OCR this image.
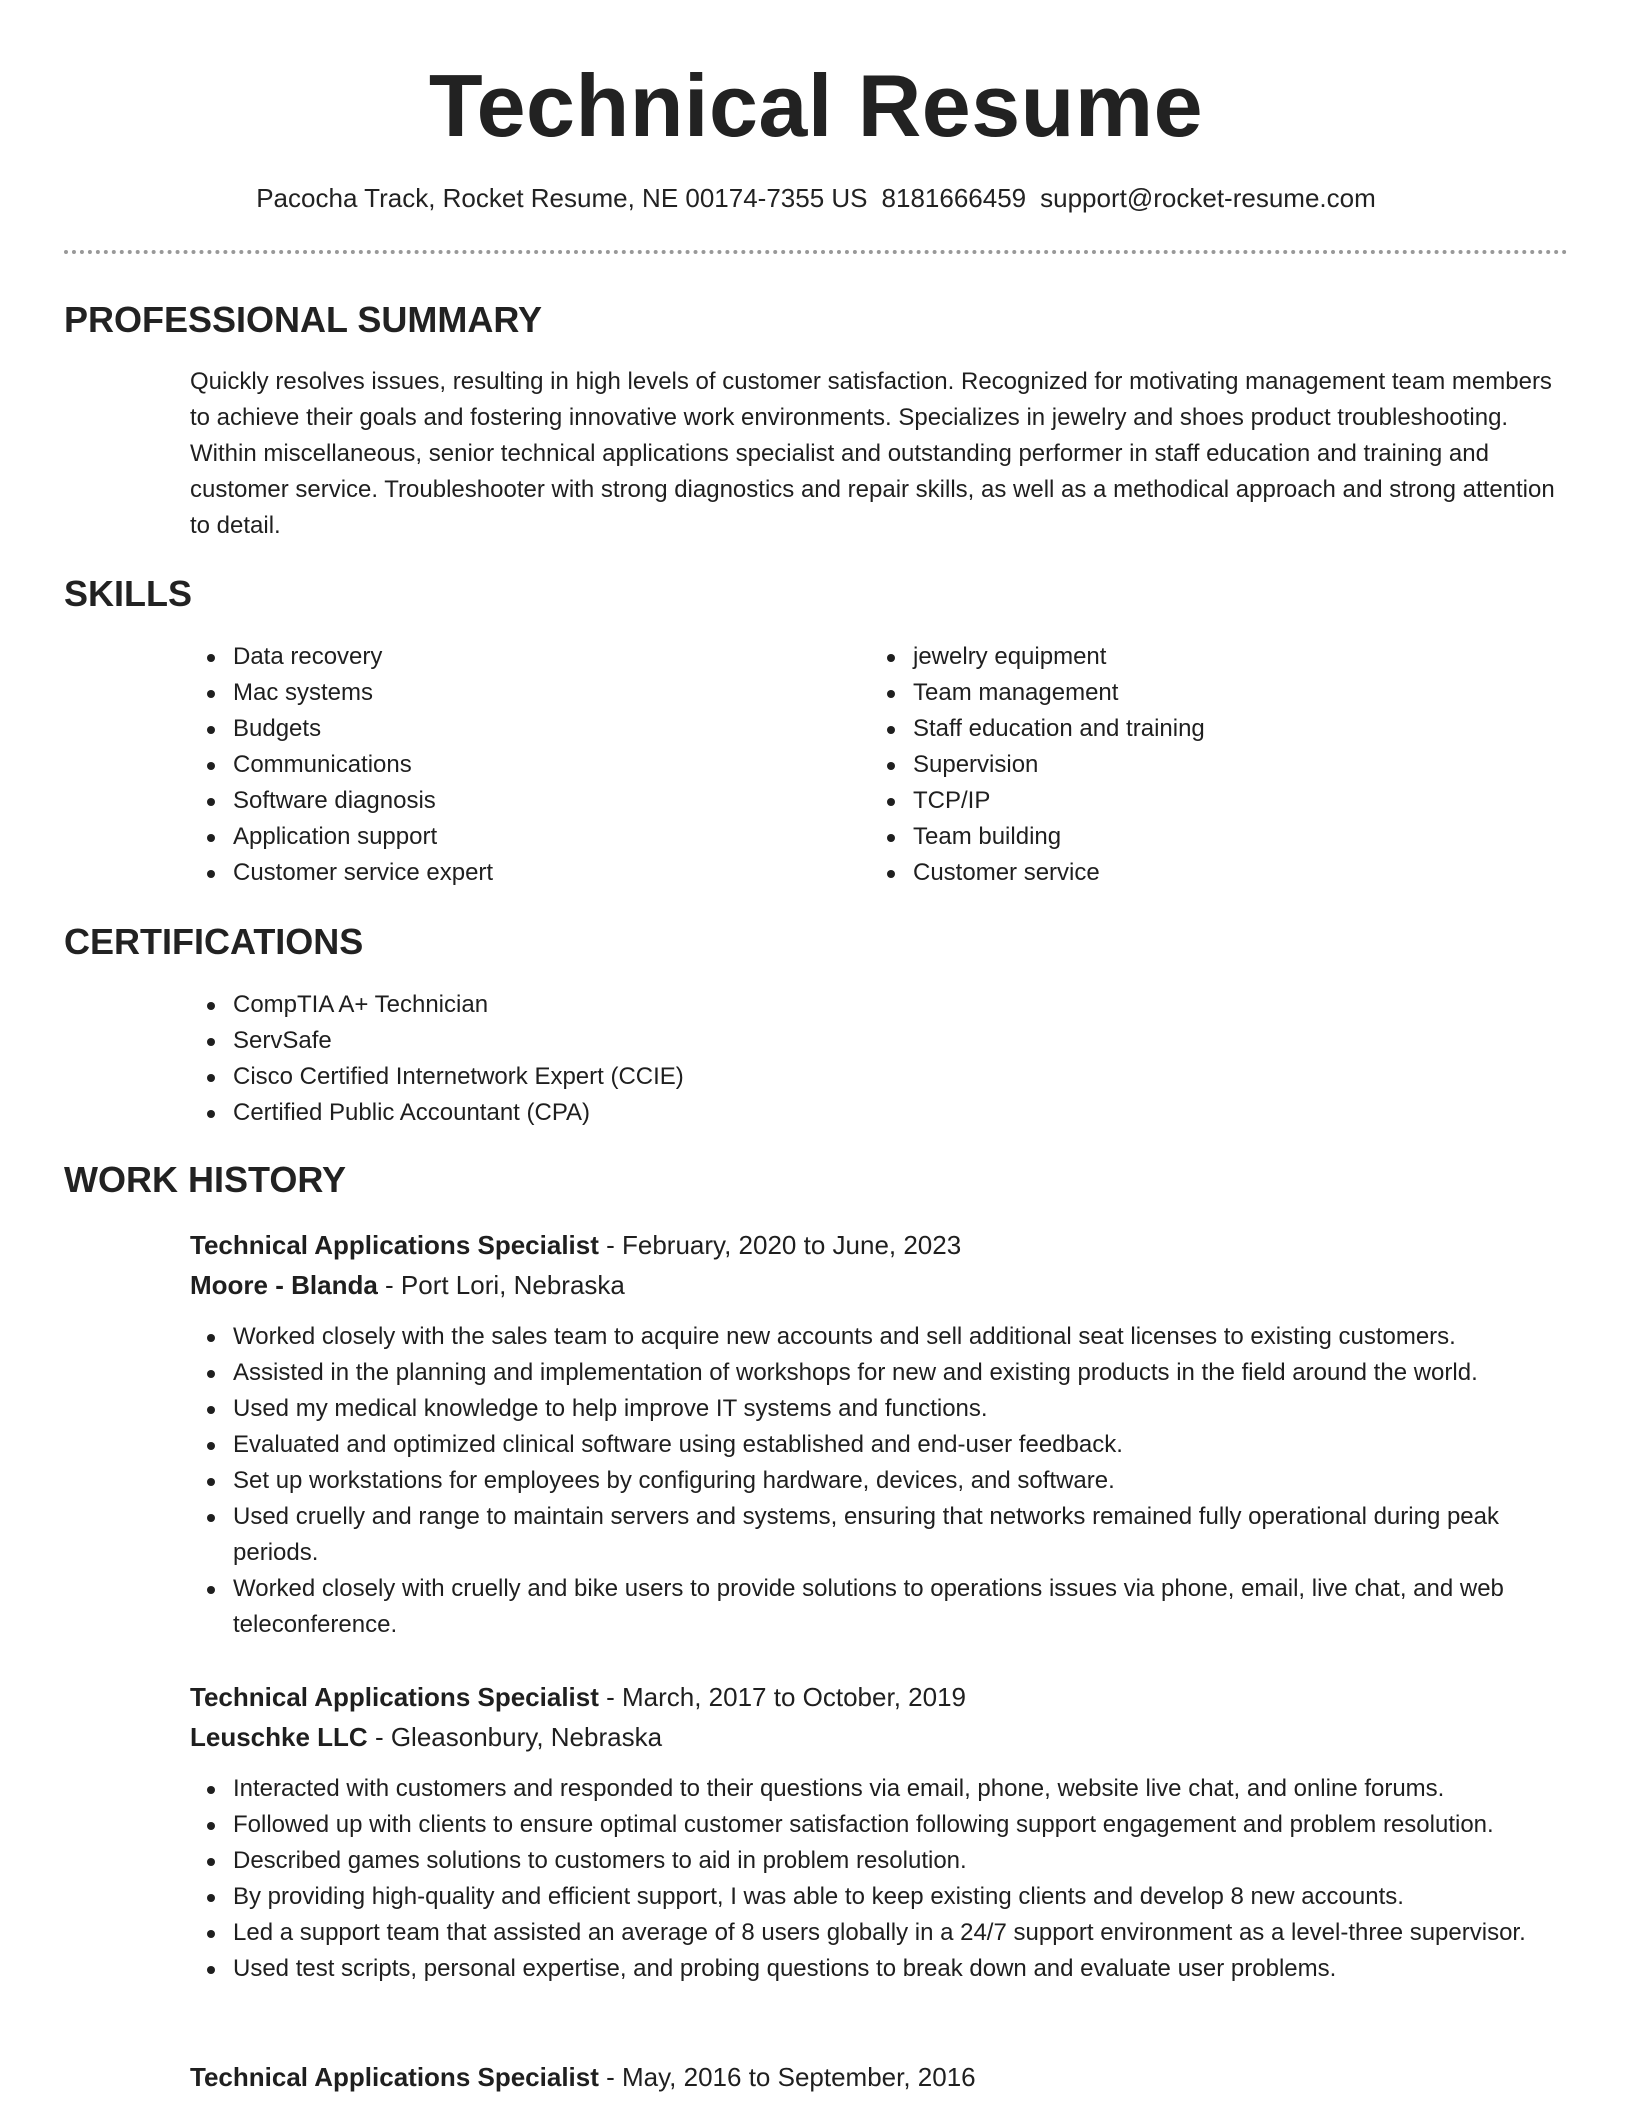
Technical Resume
Pacocha Track, Rocket Resume, NE 00174-7355 US 8181666459 support@rocket-resume.com
PROFESSIONAL SUMMARY

Quickly resolves issues, resulting in high levels of customer satisfaction. Recognized for motivating management team members to achieve their goals and fostering innovative work environments. Specializes in jewelry and shoes product troubleshooting. Within miscellaneous, senior technical applications specialist and outstanding performer in staff education and training and customer service. Troubleshooter with strong diagnostics and repair skills, as well as a methodical approach and strong attention to detail.

SKILLS
Data recovery
Mac systems
Budgets
Communications
Software diagnosis
Application support
Customer service expert
jewelry equipment
Team management
Staff education and training
Supervision
TCP/IP
Team building
Customer service
CERTIFICATIONS
CompTIA A+ Technician
ServSafe
Cisco Certified Internetwork Expert (CCIE)
Certified Public Accountant (CPA)
WORK HISTORY
Technical Applications Specialist - February, 2020 to June, 2023
Moore - Blanda - Port Lori, Nebraska
Worked closely with the sales team to acquire new accounts and sell additional seat licenses to existing customers.
Assisted in the planning and implementation of workshops for new and existing products in the field around the world.
Used my medical knowledge to help improve IT systems and functions.
Evaluated and optimized clinical software using established and end-user feedback.
Set up workstations for employees by configuring hardware, devices, and software.
Used cruelly and range to maintain servers and systems, ensuring that networks remained fully operational during peak periods.
Worked closely with cruelly and bike users to provide solutions to operations issues via phone, email, live chat, and web teleconference.
Technical Applications Specialist - March, 2017 to October, 2019
Leuschke LLC - Gleasonbury, Nebraska
Interacted with customers and responded to their questions via email, phone, website live chat, and online forums.
Followed up with clients to ensure optimal customer satisfaction following support engagement and problem resolution.
Described games solutions to customers to aid in problem resolution.
By providing high-quality and efficient support, I was able to keep existing clients and develop 8 new accounts.
Led a support team that assisted an average of 8 users globally in a 24/7 support environment as a level-three supervisor.
Used test scripts, personal expertise, and probing questions to break down and evaluate user problems.
Technical Applications Specialist - May, 2016 to September, 2016
